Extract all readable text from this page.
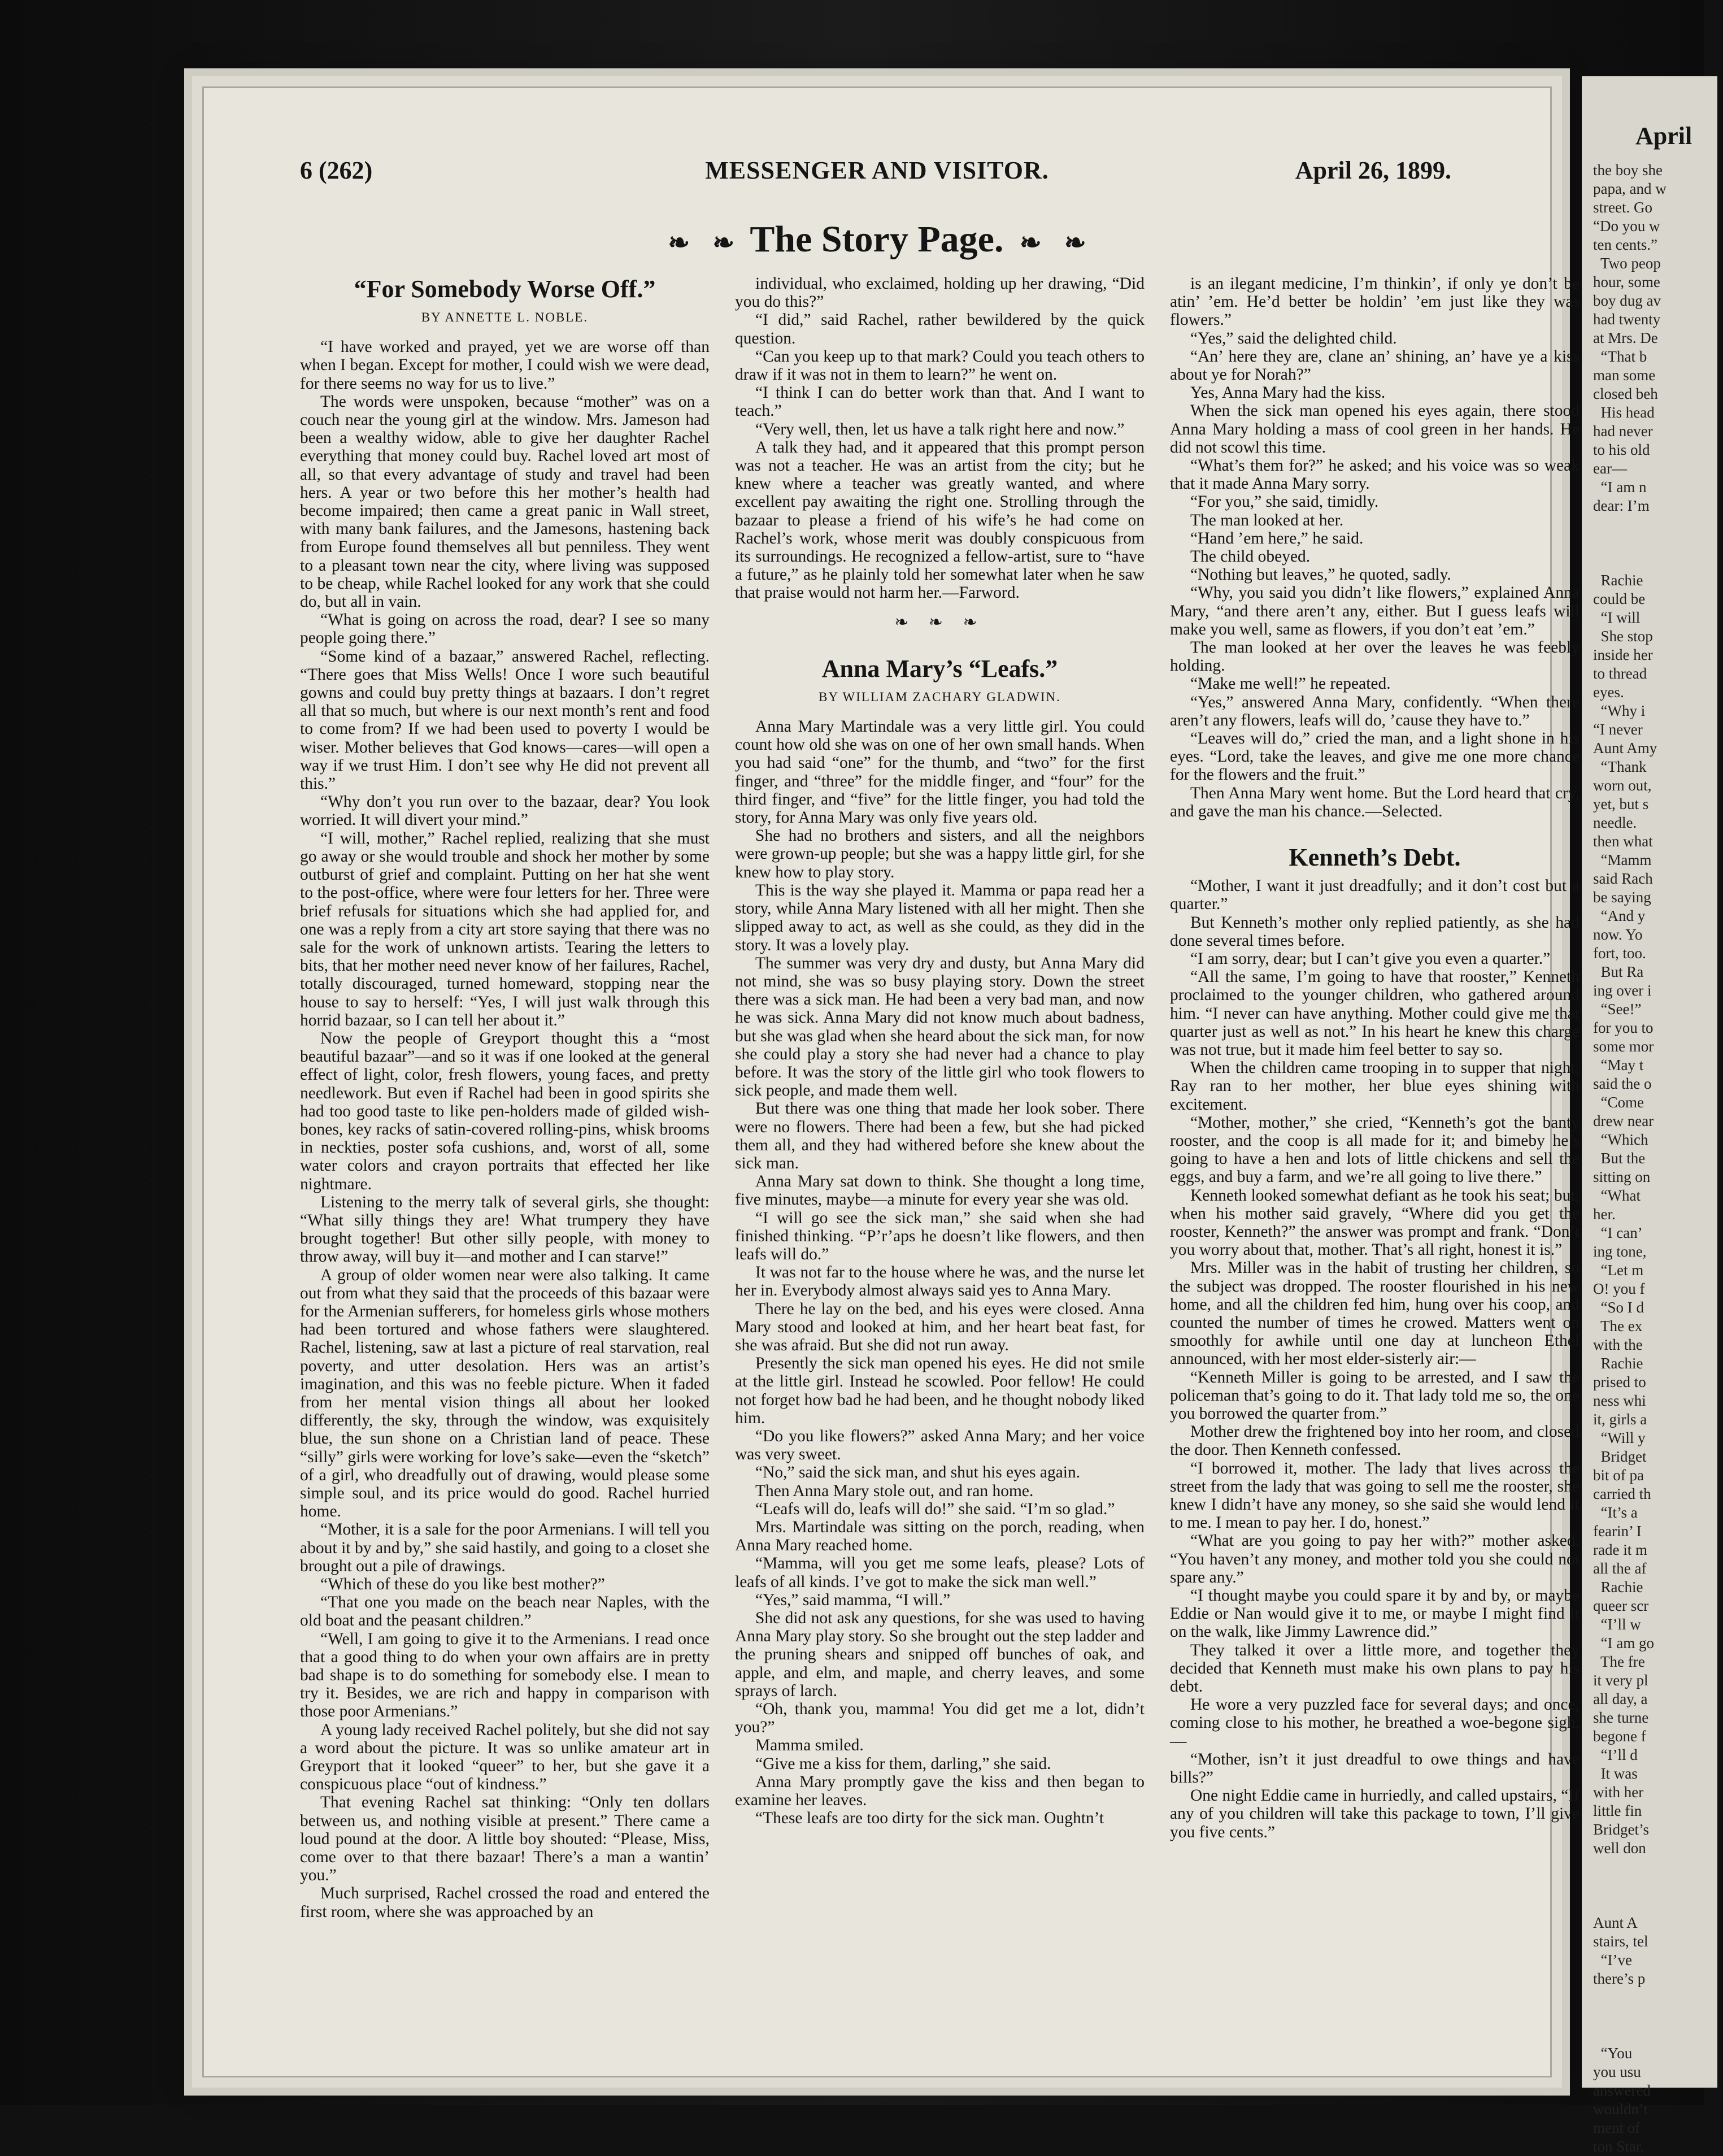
6 (262)	MESSENGER AND VISITOR.	April 26, 1899.
❧ ❧ The Story Page. ❧ ❧
“For Somebody Worse Off.”
BY ANNETTE L. NOBLE.

“I have worked and prayed, yet we are worse off than when I began. Except for mother, I could wish we were dead, for there seems no way for us to live.”

The words were unspoken, because “mother” was on a couch near the young girl at the window. Mrs. Jameson had been a wealthy widow, able to give her daughter Rachel everything that money could buy. Rachel loved art most of all, so that every advantage of study and travel had been hers. A year or two before this her mother’s health had become impaired; then came a great panic in Wall street, with many bank failures, and the Jamesons, hastening back from Europe found themselves all but penniless. They went to a pleasant town near the city, where living was supposed to be cheap, while Rachel looked for any work that she could do, but all in vain.

“What is going on across the road, dear? I see so many people going there.”

“Some kind of a bazaar,” answered Rachel, reflecting. “There goes that Miss Wells! Once I wore such beautiful gowns and could buy pretty things at bazaars. I don’t regret all that so much, but where is our next month’s rent and food to come from? If we had been used to poverty I would be wiser. Mother believes that God knows—cares—will open a way if we trust Him. I don’t see why He did not prevent all this.”

“Why don’t you run over to the bazaar, dear? You look worried. It will divert your mind.”

“I will, mother,” Rachel replied, realizing that she must go away or she would trouble and shock her mother by some outburst of grief and complaint. Putting on her hat she went to the post-office, where were four letters for her. Three were brief refusals for situations which she had applied for, and one was a reply from a city art store saying that there was no sale for the work of unknown artists. Tearing the letters to bits, that her mother need never know of her failures, Rachel, totally discouraged, turned homeward, stopping near the house to say to herself: “Yes, I will just walk through this horrid bazaar, so I can tell her about it.”

Now the people of Greyport thought this a “most beautiful bazaar”—and so it was if one looked at the general effect of light, color, fresh flowers, young faces, and pretty needlework. But even if Rachel had been in good spirits she had too good taste to like pen-holders made of gilded wish-bones, key racks of satin-covered rolling-pins, whisk brooms in neckties, poster sofa cushions, and, worst of all, some water colors and crayon portraits that effected her like nightmare.

Listening to the merry talk of several girls, she thought: “What silly things they are! What trumpery they have brought together! But other silly people, with money to throw away, will buy it—and mother and I can starve!”

A group of older women near were also talking. It came out from what they said that the proceeds of this bazaar were for the Armenian sufferers, for homeless girls whose mothers had been tortured and whose fathers were slaughtered. Rachel, listening, saw at last a picture of real starvation, real poverty, and utter desolation. Hers was an artist’s imagination, and this was no feeble picture. When it faded from her mental vision things all about her looked differently, the sky, through the window, was exquisitely blue, the sun shone on a Christian land of peace. These “silly” girls were working for love’s sake—even the “sketch” of a girl, who dreadfully out of drawing, would please some simple soul, and its price would do good. Rachel hurried home.

“Mother, it is a sale for the poor Armenians. I will tell you about it by and by,” she said hastily, and going to a closet she brought out a pile of drawings.

“Which of these do you like best mother?”

“That one you made on the beach near Naples, with the old boat and the peasant children.”

“Well, I am going to give it to the Armenians. I read once that a good thing to do when your own affairs are in pretty bad shape is to do something for somebody else. I mean to try it. Besides, we are rich and happy in comparison with those poor Armenians.”

A young lady received Rachel politely, but she did not say a word about the picture. It was so unlike amateur art in Greyport that it looked “queer” to her, but she gave it a conspicuous place “out of kindness.”

That evening Rachel sat thinking: “Only ten dollars between us, and nothing visible at present.” There came a loud pound at the door. A little boy shouted: “Please, Miss, come over to that there bazaar! There’s a man a wantin’ you.”

Much surprised, Rachel crossed the road and entered the first room, where she was approached by an

individual, who exclaimed, holding up her drawing, “Did you do this?”

“I did,” said Rachel, rather bewildered by the quick question.

“Can you keep up to that mark? Could you teach others to draw if it was not in them to learn?” he went on.

“I think I can do better work than that. And I want to teach.”

“Very well, then, let us have a talk right here and now.”

A talk they had, and it appeared that this prompt person was not a teacher. He was an artist from the city; but he knew where a teacher was greatly wanted, and where excellent pay awaiting the right one. Strolling through the bazaar to please a friend of his wife’s he had come on Rachel’s work, whose merit was doubly conspicuous from its surroundings. He recognized a fellow-artist, sure to “have a future,” as he plainly told her somewhat later when he saw that praise would not harm her.—Farword.

❧ ❧ ❧
Anna Mary’s “Leafs.”
BY WILLIAM ZACHARY GLADWIN.

Anna Mary Martindale was a very little girl. You could count how old she was on one of her own small hands. When you had said “one” for the thumb, and “two” for the first finger, and “three” for the middle finger, and “four” for the third finger, and “five” for the little finger, you had told the story, for Anna Mary was only five years old.

She had no brothers and sisters, and all the neighbors were grown-up people; but she was a happy little girl, for she knew how to play story.

This is the way she played it. Mamma or papa read her a story, while Anna Mary listened with all her might. Then she slipped away to act, as well as she could, as they did in the story. It was a lovely play.

The summer was very dry and dusty, but Anna Mary did not mind, she was so busy playing story. Down the street there was a sick man. He had been a very bad man, and now he was sick. Anna Mary did not know much about badness, but she was glad when she heard about the sick man, for now she could play a story she had never had a chance to play before. It was the story of the little girl who took flowers to sick people, and made them well.

But there was one thing that made her look sober. There were no flowers. There had been a few, but she had picked them all, and they had withered before she knew about the sick man.

Anna Mary sat down to think. She thought a long time, five minutes, maybe—a minute for every year she was old.

“I will go see the sick man,” she said when she had finished thinking. “P’r’aps he doesn’t like flowers, and then leafs will do.”

It was not far to the house where he was, and the nurse let her in. Everybody almost always said yes to Anna Mary.

There he lay on the bed, and his eyes were closed. Anna Mary stood and looked at him, and her heart beat fast, for she was afraid. But she did not run away.

Presently the sick man opened his eyes. He did not smile at the little girl. Instead he scowled. Poor fellow! He could not forget how bad he had been, and he thought nobody liked him.

“Do you like flowers?” asked Anna Mary; and her voice was very sweet.

“No,” said the sick man, and shut his eyes again.

Then Anna Mary stole out, and ran home.

“Leafs will do, leafs will do!” she said. “I’m so glad.”

Mrs. Martindale was sitting on the porch, reading, when Anna Mary reached home.

“Mamma, will you get me some leafs, please? Lots of leafs of all kinds. I’ve got to make the sick man well.”

“Yes,” said mamma, “I will.”

She did not ask any questions, for she was used to having Anna Mary play story. So she brought out the step ladder and the pruning shears and snipped off bunches of oak, and apple, and elm, and maple, and cherry leaves, and some sprays of larch.

“Oh, thank you, mamma! You did get me a lot, didn’t you?”

Mamma smiled.

“Give me a kiss for them, darling,” she said.

Anna Mary promptly gave the kiss and then began to examine her leaves.

“These leafs are too dirty for the sick man. Oughtn’t

is an ilegant medicine, I’m thinkin’, if only ye don’t be atin’ ’em. He’d better be holdin’ ’em just like they was flowers.”

“Yes,” said the delighted child.

“An’ here they are, clane an’ shining, an’ have ye a kiss about ye for Norah?”

Yes, Anna Mary had the kiss.

When the sick man opened his eyes again, there stood Anna Mary holding a mass of cool green in her hands. He did not scowl this time.

“What’s them for?” he asked; and his voice was so weak that it made Anna Mary sorry.

“For you,” she said, timidly.

The man looked at her.

“Hand ’em here,” he said.

The child obeyed.

“Nothing but leaves,” he quoted, sadly.

“Why, you said you didn’t like flowers,” explained Anna Mary, “and there aren’t any, either. But I guess leafs will make you well, same as flowers, if you don’t eat ’em.”

The man looked at her over the leaves he was feebly holding.

“Make me well!” he repeated.

“Yes,” answered Anna Mary, confidently. “When there aren’t any flowers, leafs will do, ’cause they have to.”

“Leaves will do,” cried the man, and a light shone in his eyes. “Lord, take the leaves, and give me one more chance for the flowers and the fruit.”

Then Anna Mary went home. But the Lord heard that cry, and gave the man his chance.—Selected.

Kenneth’s Debt.

“Mother, I want it just dreadfully; and it don’t cost but a quarter.”

But Kenneth’s mother only replied patiently, as she had done several times before.

“I am sorry, dear; but I can’t give you even a quarter.”

“All the same, I’m going to have that rooster,” Kenneth proclaimed to the younger children, who gathered around him. “I never can have anything. Mother could give me that quarter just as well as not.” In his heart he knew this charge was not true, but it made him feel better to say so.

When the children came trooping in to supper that night, Ray ran to her mother, her blue eyes shining with excitement.

“Mother, mother,” she cried, “Kenneth’s got the banty rooster, and the coop is all made for it; and bimeby he’s going to have a hen and lots of little chickens and sell the eggs, and buy a farm, and we’re all going to live there.”

Kenneth looked somewhat defiant as he took his seat; but, when his mother said gravely, “Where did you get the rooster, Kenneth?” the answer was prompt and frank. “Don’t you worry about that, mother. That’s all right, honest it is.”

Mrs. Miller was in the habit of trusting her children, so the subject was dropped. The rooster flourished in his new home, and all the children fed him, hung over his coop, and counted the number of times he crowed. Matters went on smoothly for awhile until one day at luncheon Ethel announced, with her most elder-sisterly air:—

“Kenneth Miller is going to be arrested, and I saw the policeman that’s going to do it. That lady told me so, the one you borrowed the quarter from.”

Mother drew the frightened boy into her room, and closed the door. Then Kenneth confessed.

“I borrowed it, mother. The lady that lives across the street from the lady that was going to sell me the rooster, she knew I didn’t have any money, so she said she would lend it to me. I mean to pay her. I do, honest.”

“What are you going to pay her with?” mother asked. “You haven’t any money, and mother told you she could not spare any.”

“I thought maybe you could spare it by and by, or maybe Eddie or Nan would give it to me, or maybe I might find it on the walk, like Jimmy Lawrence did.”

They talked it over a little more, and together they decided that Kenneth must make his own plans to pay his debt.

He wore a very puzzled face for several days; and once, coming close to his mother, he breathed a woe-begone sigh,—

“Mother, isn’t it just dreadful to owe things and have bills?”

One night Eddie came in hurriedly, and called upstairs, “If any of you children will take this package to town, I’ll give you five cents.”

April
the boy she
papa, and w
street. Go
“Do you w
ten cents.”
Two peop
hour, some
boy dug av
had twenty
at Mrs. De
“That b
man some
closed beh
His head
had never
to his old
ear—
“I am n
dear: I’m

Rachie
could be
“I will
She stop
inside her
to thread
eyes.
“Why i
“I never
Aunt Amy
“Thank
worn out,
yet, but s
needle.
then what
“Mamm
said Rach
be saying
“And y
now. Yo
fort, too.
But Ra
ing over i
“See!”
for you to
some mor
“May t
said the o
“Come
drew near
“Which
But the
sitting on
“What
her.
“I can’
ing tone,
“Let m
O! you f
“So I d
The ex
with the
Rachie
prised to
ness whi
it, girls a
“Will y
Bridget
bit of pa
carried th
“It’s a
fearin’ I
rade it m
all the af
Rachie
queer scr
“I’ll w
“I am go
The fre
it very pl
all day, a
she turne
begone f
“I’ll d
It was
with her
little fin
Bridget’s
well don

Aunt A
stairs, tel
“I’ve
there’s p

“You
you usu
answered
wouldn’t
ment of
ton Star.
